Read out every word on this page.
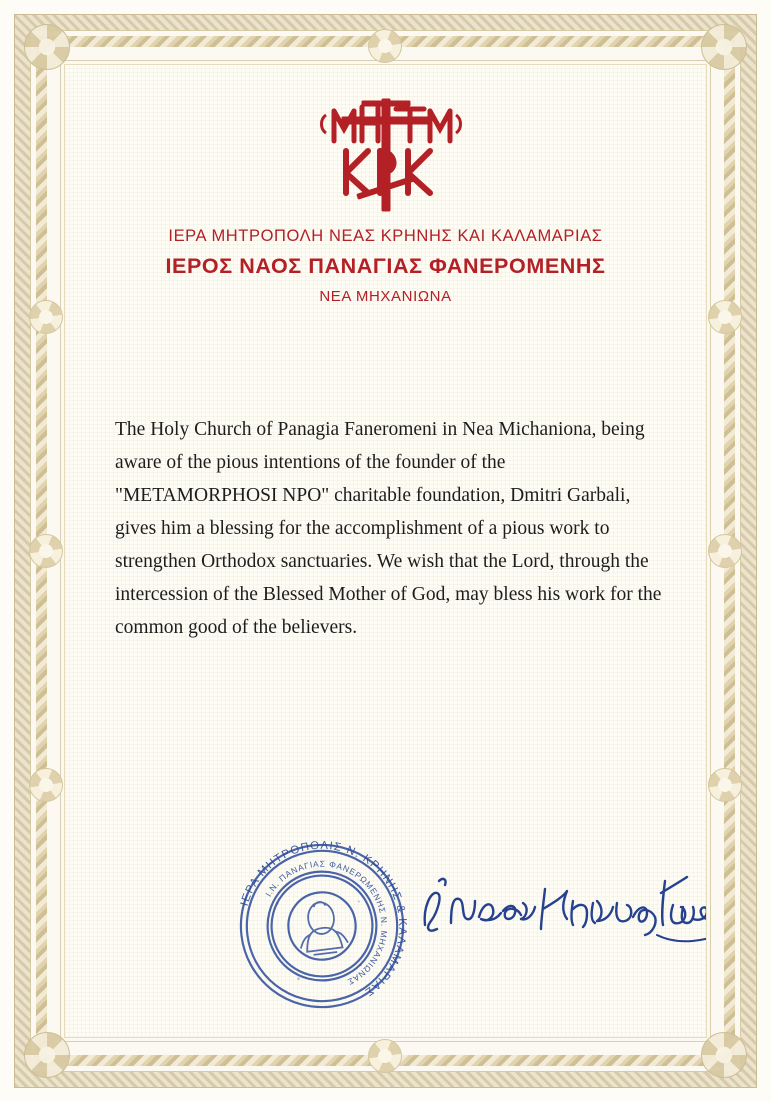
ΙΕΡΑ ΜΗΤΡΟΠΟΛΗ ΝΕΑΣ ΚΡΗΝΗΣ ΚΑΙ ΚΑΛΑΜΑΡΙΑΣ
ΙΕΡΟΣ ΝΑΟΣ ΠΑΝΑΓΙΑΣ ΦΑΝΕΡΟΜΕΝΗΣ
ΝΕΑ ΜΗΧΑΝΙΩΝΑ
The Holy Church of Panagia Faneromeni in Nea Michaniona, being aware of the pious intentions of the founder of the "METAMORPHOSI NPO" charitable foundation, Dmitri Garbali, gives him a blessing for the accomplishment of a pious work to strengthen Orthodox sanctuaries. We wish that the Lord, through the intercession of the Blessed Mother of God, may bless his work for the common good of the believers.
ΙΕΡΑ ΜΗΤΡΟΠΟΛΙΣ Ν. ΚΡΗΝΗΣ & ΚΑΛΑΜΑΡΙΑΣ
Ι.Ν. ΠΑΝΑΓΙΑΣ ΦΑΝΕΡΩΜΕΝΗΣ Ν. ΜΗΧΑΝΙΩΝΑΣ
